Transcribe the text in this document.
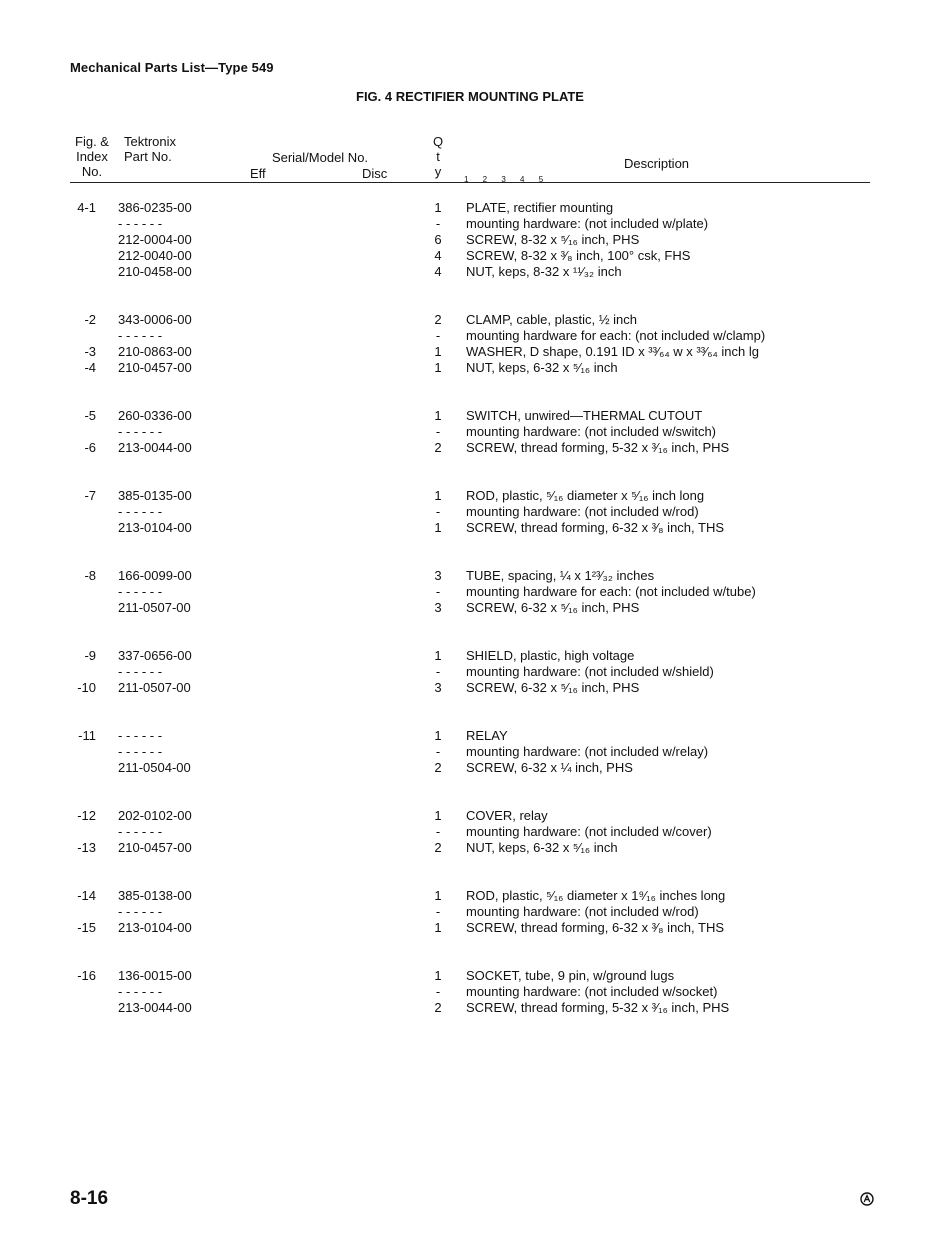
Mechanical Parts List—Type 549
FIG. 4 RECTIFIER MOUNTING PLATE
Fig. &
Index
No.
Tektronix
Part No.	Serial/Model No.
Eff	Disc
Q
t
y
Description
1 2 3 4 5
4-1 386-0235-00	1	PLATE, rectifier mounting
- - - - - -	-	mounting hardware: (not included w/plate)
212-0004-00	6	SCREW, 8-32 x ⁵⁄₁₆ inch, PHS
212-0040-00	4	SCREW, 8-32 x ³⁄₈ inch, 100° csk, FHS
210-0458-00	4	NUT, keps, 8-32 x ¹¹⁄₃₂ inch
-2 343-0006-00	2	CLAMP, cable, plastic, ½ inch
- - - - - -	-	mounting hardware for each: (not included w/clamp)
-3 210-0863-00	1	WASHER, D shape, 0.191 ID x ³³⁄₆₄ w x ³³⁄₆₄ inch lg
-4 210-0457-00	1	NUT, keps, 6-32 x ⁵⁄₁₆ inch
-5 260-0336-00	1	SWITCH, unwired—THERMAL CUTOUT
- - - - - -	-	mounting hardware: (not included w/switch)
-6 213-0044-00	2	SCREW, thread forming, 5-32 x ³⁄₁₆ inch, PHS
-7 385-0135-00	1	ROD, plastic, ⁵⁄₁₆ diameter x ⁵⁄₁₆ inch long
- - - - - -	-	mounting hardware: (not included w/rod)
213-0104-00	1	SCREW, thread forming, 6-32 x ³⁄₈ inch, THS
-8 166-0099-00	3	TUBE, spacing, ¼ x 1²³⁄₃₂ inches
- - - - - -	-	mounting hardware for each: (not included w/tube)
211-0507-00	3	SCREW, 6-32 x ⁵⁄₁₆ inch, PHS
-9 337-0656-00	1	SHIELD, plastic, high voltage
- - - - - -	-	mounting hardware: (not included w/shield)
-10 211-0507-00	3	SCREW, 6-32 x ⁵⁄₁₆ inch, PHS
-11 - - - - - -	1	RELAY
- - - - - -	-	mounting hardware: (not included w/relay)
211-0504-00	2	SCREW, 6-32 x ¼ inch, PHS
-12 202-0102-00	1	COVER, relay
- - - - - -	-	mounting hardware: (not included w/cover)
-13 210-0457-00	2	NUT, keps, 6-32 x ⁵⁄₁₆ inch
-14 385-0138-00	1	ROD, plastic, ⁵⁄₁₆ diameter x 1⁹⁄₁₆ inches long
- - - - - -	-	mounting hardware: (not included w/rod)
-15 213-0104-00	1	SCREW, thread forming, 6-32 x ³⁄₈ inch, THS
-16 136-0015-00	1	SOCKET, tube, 9 pin, w/ground lugs
- - - - - -	-	mounting hardware: (not included w/socket)
213-0044-00	2	SCREW, thread forming, 5-32 x ³⁄₁₆ inch, PHS
8-16
